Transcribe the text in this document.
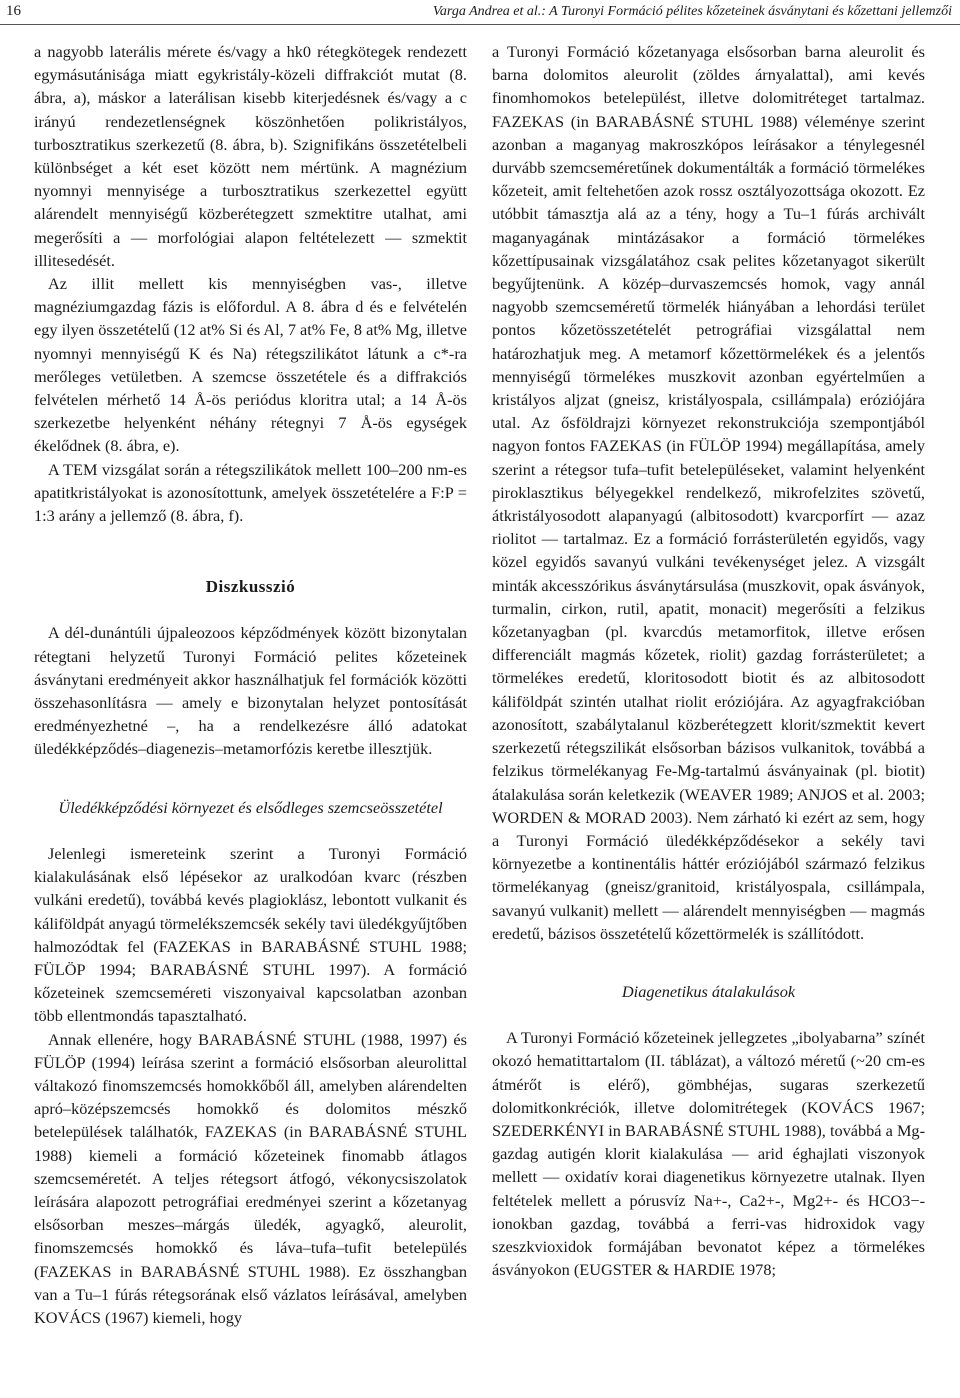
16	Varga Andrea et al.: A Turonyi Formáció pélites kőzeteinek ásványtani és kőzettani jellemzői

a nagyobb laterális mérete és/vagy a hk0 rétegkötegek rendezett egymásutánisága miatt egykristály-közeli diffrakciót mutat (8. ábra, a), máskor a laterálisan kisebb kiterjedésnek és/vagy a c irányú rendezetlenségnek köszönhetően polikristályos, turbosztratikus szerkezetű (8. ábra, b). Szignifikáns összetételbeli különbséget a két eset között nem mértünk. A magnézium nyomnyi mennyisége a turbosztratikus szerkezettel együtt alárendelt mennyiségű közberétegzett szmektitre utalhat, ami megerősíti a — morfológiai alapon feltételezett — szmektit illitesedését.

Az illit mellett kis mennyiségben vas-, illetve magnéziumgazdag fázis is előfordul. A 8. ábra d és e felvételén egy ilyen összetételű (12 at% Si és Al, 7 at% Fe, 8 at% Mg, illetve nyomnyi mennyiségű K és Na) rétegszilikátot látunk a c*-ra merőleges vetületben. A szemcse összetétele és a diffrakciós felvételen mérhető 14 Å-ös periódus kloritra utal; a 14 Å-ös szerkezetbe helyenként néhány rétegnyi 7 Å-ös egységek ékelődnek (8. ábra, e).

A TEM vizsgálat során a rétegszilikátok mellett 100–200 nm-es apatitkristályokat is azonosítottunk, amelyek összetételére a F:P = 1:3 arány a jellemző (8. ábra, f).

Diszkusszió

A dél-dunántúli újpaleozoos képződmények között bizonytalan rétegtani helyzetű Turonyi Formáció pelites kőzeteinek ásványtani eredményeit akkor használhatjuk fel formációk közötti összehasonlításra — amely e bizonytalan helyzet pontosítását eredményezhetné –, ha a rendelkezésre álló adatokat üledékképződés–diagenezis–metamorfózis keretbe illesztjük.

Üledékképződési környezet és elsődleges szemcseösszetétel

Jelenlegi ismereteink szerint a Turonyi Formáció kialakulásának első lépésekor az uralkodóan kvarc (részben vulkáni eredetű), továbbá kevés plagioklász, lebontott vulkanit és káliföldpát anyagú törmelékszemcsék sekély tavi üledékgyűjtőben halmozódtak fel (FAZEKAS in BARABÁSNÉ STUHL 1988; FÜLÖP 1994; BARABÁSNÉ STUHL 1997). A formáció kőzeteinek szemcseméreti viszonyaival kapcsolatban azonban több ellentmondás tapasztalható.

Annak ellenére, hogy BARABÁSNÉ STUHL (1988, 1997) és FÜLÖP (1994) leírása szerint a formáció elsősorban aleurolittal váltakozó finomszemcsés homokkőből áll, amelyben alárendelten apró–középszemcsés homokkő és dolomitos mészkő betelepülések találhatók, FAZEKAS (in BARABÁSNÉ STUHL 1988) kiemeli a formáció kőzeteinek finomabb átlagos szemcseméretét. A teljes rétegsort átfogó, vékonycsiszolatok leírására alapozott petrográfiai eredményei szerint a kőzetanyag elsősorban meszes–márgás üledék, agyagkő, aleurolit, finomszemcsés homokkő és láva–tufa–tufit betelepülés (FAZEKAS in BARABÁSNÉ STUHL 1988). Ez összhangban van a Tu–1 fúrás rétegsorának első vázlatos leírásával, amelyben KOVÁCS (1967) kiemeli, hogy

a Turonyi Formáció kőzetanyaga elsősorban barna aleurolit és barna dolomitos aleurolit (zöldes árnyalattal), ami kevés finomhomokos betelepülést, illetve dolomitréteget tartalmaz. FAZEKAS (in BARABÁSNÉ STUHL 1988) véleménye szerint azonban a maganyag makroszkópos leírásakor a ténylegesnél durvább szemcseméretűnek dokumentálták a formáció törmelékes kőzeteit, amit feltehetően azok rossz osztályozottsága okozott. Ez utóbbit támasztja alá az a tény, hogy a Tu–1 fúrás archivált maganyagának mintázásakor a formáció törmelékes kőzettípusainak vizsgálatához csak pelites kőzetanyagot sikerült begyűjtenünk. A közép–durvaszemcsés homok, vagy annál nagyobb szemcseméretű törmelék hiányában a lehordási terület pontos kőzetösszetételét petrográfiai vizsgálattal nem határozhatjuk meg. A metamorf kőzettörmelékek és a jelentős mennyiségű törmelékes muszkovit azonban egyértelműen a kristályos aljzat (gneisz, kristályospala, csillámpala) eróziójára utal. Az ősföldrajzi környezet rekonstrukciója szempontjából nagyon fontos FAZEKAS (in FÜLÖP 1994) megállapítása, amely szerint a rétegsor tufa–tufit betelepüléseket, valamint helyenként piroklasztikus bélyegekkel rendelkező, mikrofelzites szövetű, átkristályosodott alapanyagú (albitosodott) kvarcporfírt — azaz riolitot — tartalmaz. Ez a formáció forrásterületén egyidős, vagy közel egyidős savanyú vulkáni tevékenységet jelez. A vizsgált minták akcesszórikus ásványtársulása (muszkovit, opak ásványok, turmalin, cirkon, rutil, apatit, monacit) megerősíti a felzikus kőzetanyagban (pl. kvarcdús metamorfitok, illetve erősen differenciált magmás kőzetek, riolit) gazdag forrásterületet; a törmelékes eredetű, kloritosodott biotit és az albitosodott káliföldpát szintén utalhat riolit eróziójára. Az agyagfrakcióban azonosított, szabálytalanul közberétegzett klorit/szmektit kevert szerkezetű rétegszilikát elsősorban bázisos vulkanitok, továbbá a felzikus törmelékanyag Fe-Mg-tartalmú ásványainak (pl. biotit) átalakulása során keletkezik (WEAVER 1989; ANJOS et al. 2003; WORDEN & MORAD 2003). Nem zárható ki ezért az sem, hogy a Turonyi Formáció üledékképződésekor a sekély tavi környezetbe a kontinentális háttér eróziójából származó felzikus törmelékanyag (gneisz/granitoid, kristályospala, csillámpala, savanyú vulkanit) mellett — alárendelt mennyiségben — magmás eredetű, bázisos összetételű kőzettörmelék is szállítódott.

Diagenetikus átalakulások

A Turonyi Formáció kőzeteinek jellegzetes „ibolyabarna” színét okozó hematittartalom (II. táblázat), a változó méretű (~20 cm-es átmérőt is elérő), gömbhéjas, sugaras szerkezetű dolomitkonkréciók, illetve dolomitrétegek (KOVÁCS 1967; SZEDERKÉNYI in BARABÁSNÉ STUHL 1988), továbbá a Mg-gazdag autigén klorit kialakulása — arid éghajlati viszonyok mellett — oxidatív korai diagenetikus környezetre utalnak. Ilyen feltételek mellett a pórusvíz Na+-, Ca2+-, Mg2+- és HCO3−-ionokban gazdag, továbbá a ferri-vas hidroxidok vagy szeszkvioxidok formájában bevonatot képez a törmelékes ásványokon (EUGSTER & HARDIE 1978;
